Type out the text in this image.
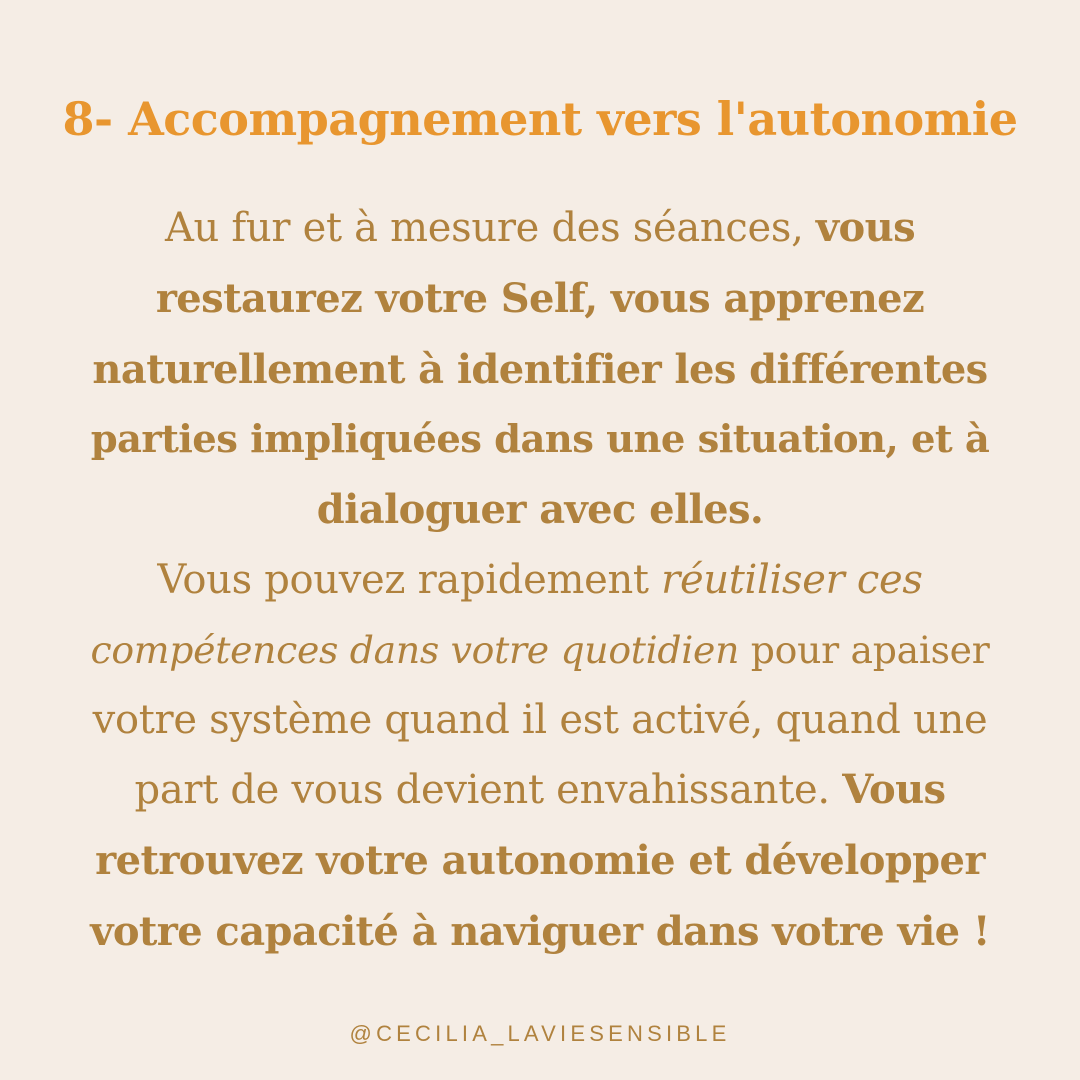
8- Accompagnement vers l'autonomie
Au fur et à mesure des séances, vous
restaurez votre Self, vous apprenez
naturellement à identifier les différentes
parties impliquées dans une situation, et à
dialoguer avec elles.
Vous pouvez rapidement réutiliser ces
compétences dans votre quotidien pour apaiser
votre système quand il est activé, quand une
part de vous devient envahissante. Vous
retrouvez votre autonomie et développer
votre capacité à naviguer dans votre vie !
@CECILIA_LAVIESENSIBLE
